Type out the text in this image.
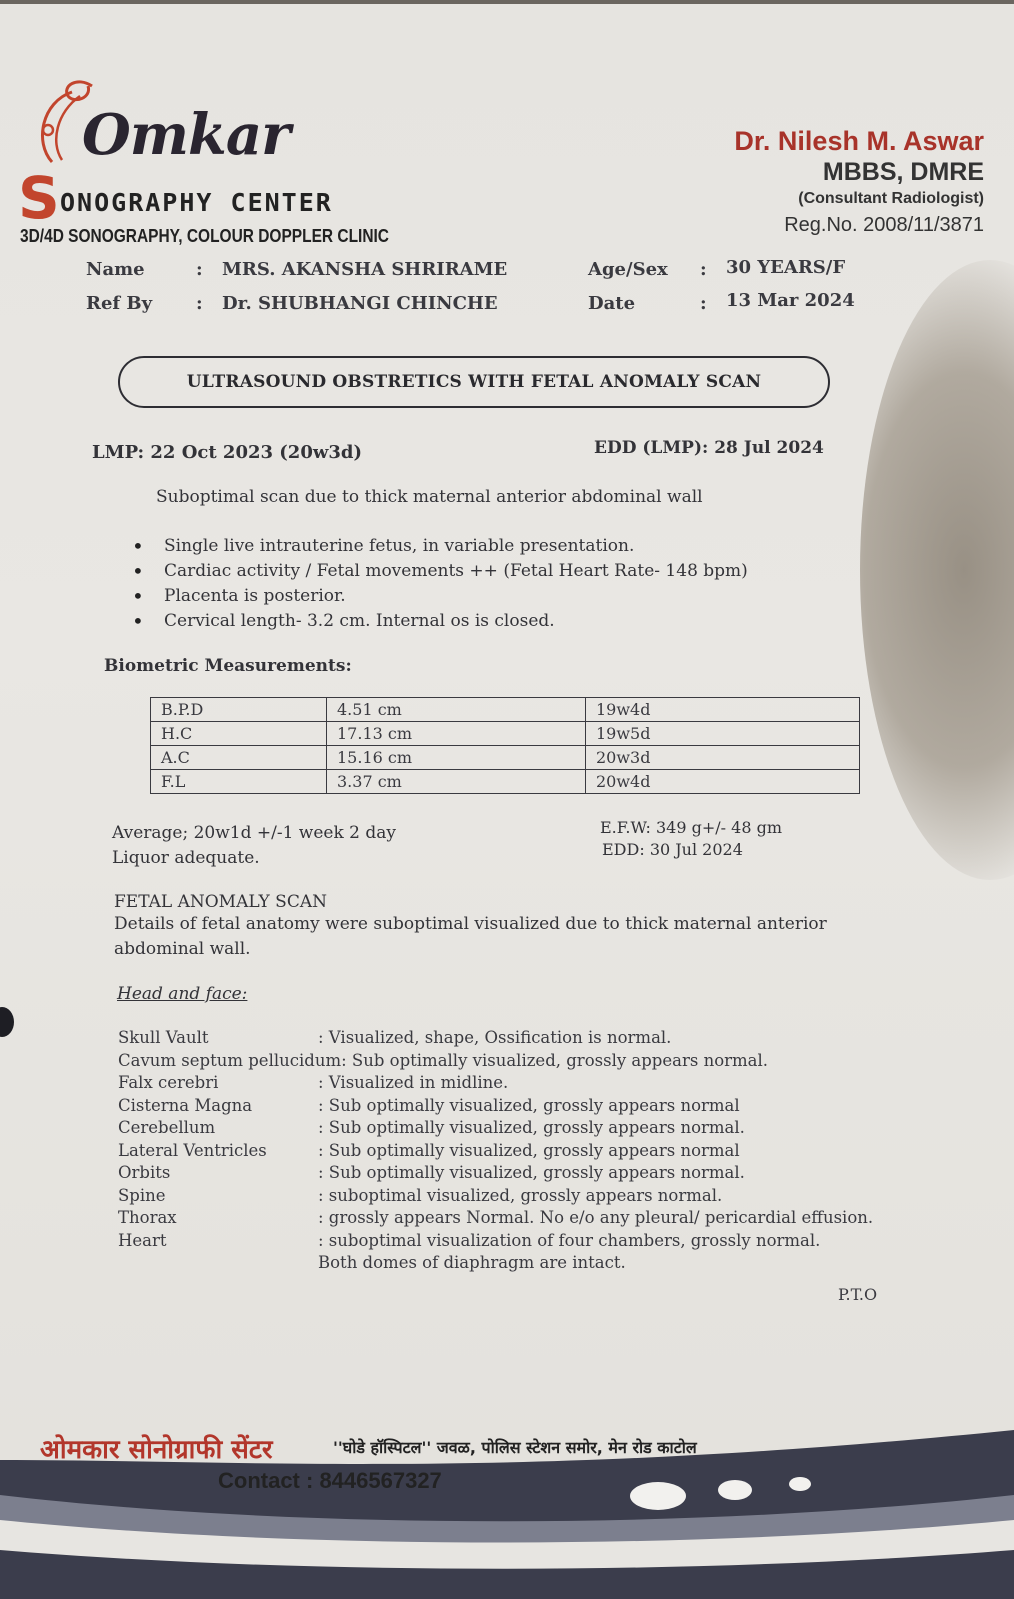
Omkar
S ONOGRAPHY CENTER
3D/4D SONOGRAPHY, COLOUR DOPPLER CLINIC
Dr. Nilesh M. Aswar
MBBS, DMRE
(Consultant Radiologist)
Reg.No. 2008/11/3871
Name	: MRS. AKANSHA SHRIRAME
Ref By : Dr. SHUBHANGI CHINCHE
Age/Sex : 30 YEARS/F
Date	: 13 Mar 2024
ULTRASOUND OBSTRETICS WITH FETAL ANOMALY SCAN
LMP: 22 Oct 2023 (20w3d)	EDD (LMP): 28 Jul 2024
Suboptimal scan due to thick maternal anterior abdominal wall
• Single live intrauterine fetus, in variable presentation.
• Cardiac activity / Fetal movements ++ (Fetal Heart Rate- 148 bpm)
• Placenta is posterior.
• Cervical length- 3.2 cm. Internal os is closed.
Biometric Measurements:
B.P.D	4.51 cm	19w4d
H.C	17.13 cm	19w5d
A.C	15.16 cm	20w3d
F.L	3.37 cm	20w4d
Average; 20w1d +/-1 week 2 day
Liquor adequate.
E.F.W: 349 g+/- 48 gm
EDD: 30 Jul 2024
FETAL ANOMALY SCAN
Details of fetal anatomy were suboptimal visualized due to thick maternal anterior
abdominal wall.
Head and face:
Skull Vault	: Visualized, shape, Ossification is normal.
Cavum septum pellucidum: Sub optimally visualized, grossly appears normal.
Falx cerebri	: Visualized in midline.
Cisterna Magna	: Sub optimally visualized, grossly appears normal
Cerebellum	: Sub optimally visualized, grossly appears normal.
Lateral Ventricles	: Sub optimally visualized, grossly appears normal
Orbits	: Sub optimally visualized, grossly appears normal.
Spine	: suboptimal visualized, grossly appears normal.
Thorax	: grossly appears Normal. No e/o any pleural/ pericardial effusion.
Heart	: suboptimal visualization of four chambers, grossly normal.
Both domes of diaphragm are intact.
P.T.O
ओमकार सोनोग्राफी सेंटर	''घोडे हॉस्पिटल'' जवळ, पोलिस स्टेशन समोर, मेन रोड काटोल
Contact : 8446567327
